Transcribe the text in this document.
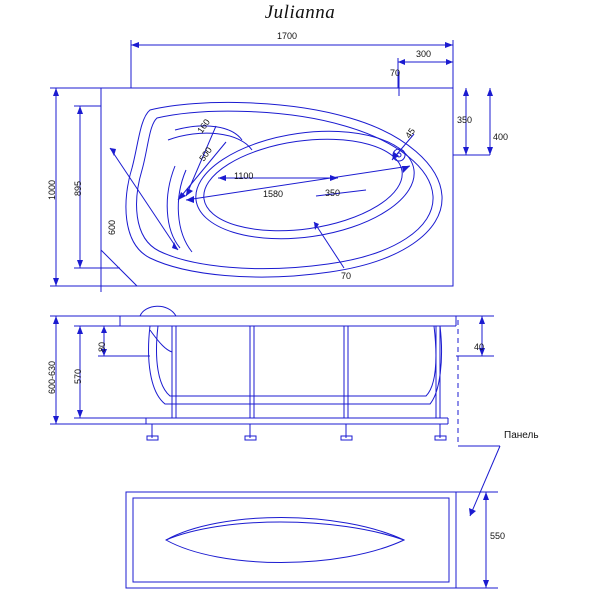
Julianna
1700
300
70
350
400
1000 895
160
500
600
1100
1580	350
45
70
600-630 570
80	40
Панель
550
